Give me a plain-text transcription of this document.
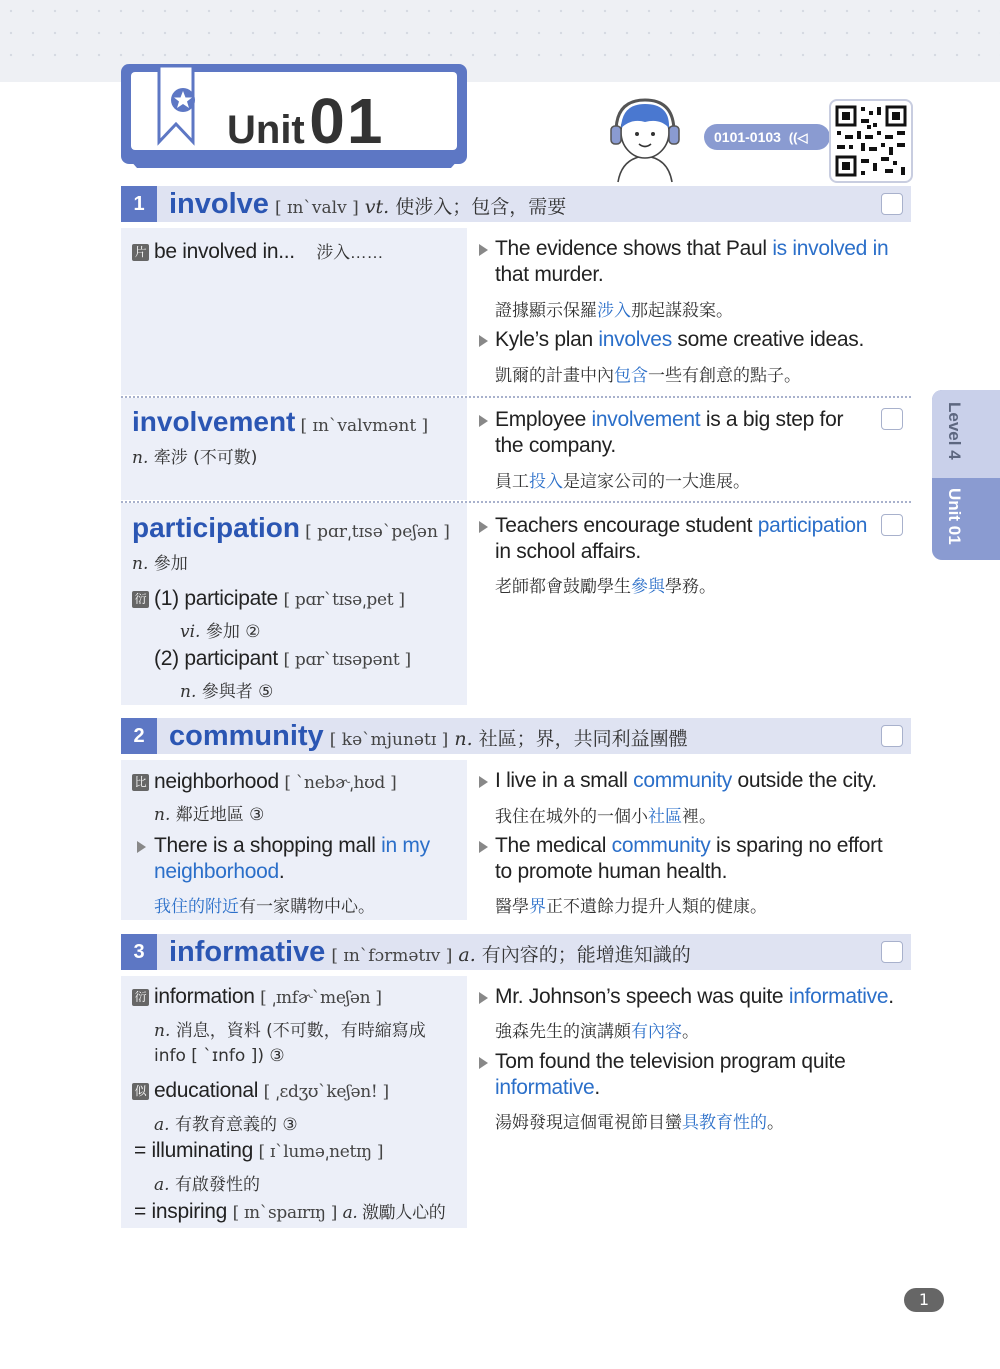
Unit 01	0101-0103 ((◁
Level 4
Unit 01
1 involve [ ɪnˋvalv ] vt. 使涉入；包含，需要
片 be involved in... 涉入……	The evidence shows that Paul is involved in
that murder.
證據顯示保羅涉入那起謀殺案。
Kyle’s plan involves some creative ideas.
凱爾的計畫中內包含一些有創意的點子。
involvement [ ɪnˋvalvmənt ]
n. 牽涉 (不可數)
Employee involvement is a big step for
the company.
員工投入是這家公司的一大進展。
participation [ pɑr͵tɪsəˋpeʃən ]
n. 參加
衍 (1) participate [ pɑrˋtɪsə͵pet ]
vi. 參加 ②
(2) participant [ pɑrˋtɪsəpənt ]
n. 參與者 ⑤
Teachers encourage student participation
in school affairs.
老師都會鼓勵學生參與學務。
2 community [ kəˋmjunətɪ ] n. 社區；界，共同利益團體
比 neighborhood [ ˋnebɚ͵hʊd ]
n. 鄰近地區 ③
There is a shopping mall in my
neighborhood.
我住的附近有一家購物中心。
I live in a small community outside the city.
我住在城外的一個小社區裡。
The medical community is sparing no effort
to promote human health.
醫學界正不遺餘力提升人類的健康。
3 informative [ ɪnˋfɔrmətɪv ] a. 有內容的；能增進知識的
衍 information [ ͵ɪnfɚˋmeʃən ]
n. 消息，資料 (不可數，有時縮寫成
info [ ˋɪnfo ]) ③
似 educational [ ͵ɛdʒʊˋkeʃən! ]
a. 有教育意義的 ③
= illuminating [ ɪˋlumə͵netɪŋ ]
a. 有啟發性的
= inspiring [ ɪnˋspaɪrɪŋ ] a. 激勵人心的
Mr. Johnson’s speech was quite informative.
強森先生的演講頗有內容。
Tom found the television program quite
informative.
湯姆發現這個電視節目蠻具教育性的。
1
